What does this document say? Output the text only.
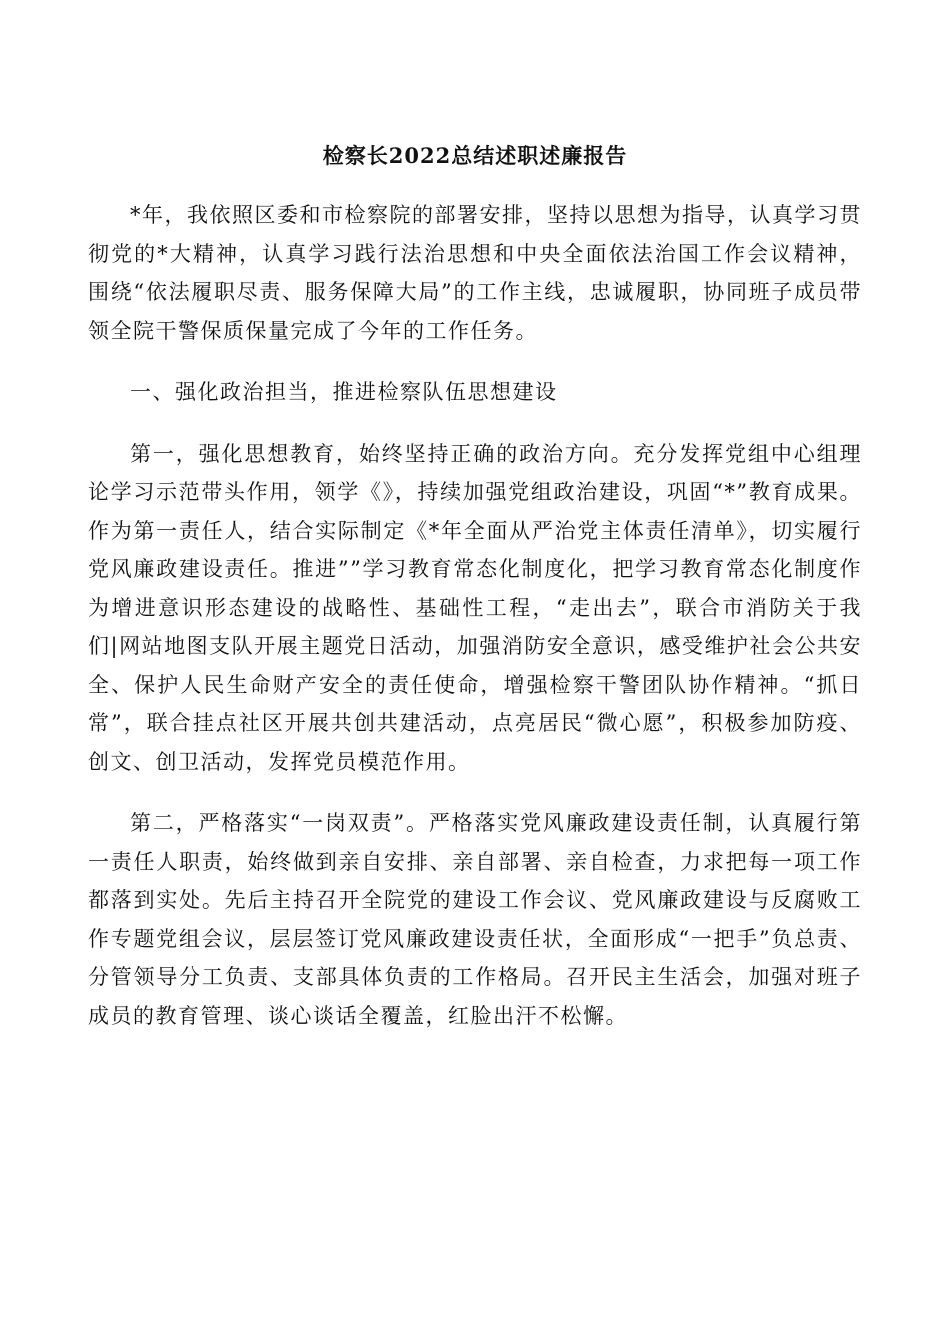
检察长2022总结述职述廉报告

*年，我依照区委和市检察院的部署安排，坚持以思想为指导，认真学习贯彻党的*大精神，认真学习践行法治思想和中央全面依法治国工作会议精神，围绕“依法履职尽责、服务保障大局”的工作主线，忠诚履职，协同班子成员带领全院干警保质保量完成了今年的工作任务。

一、强化政治担当，推进检察队伍思想建设

第一，强化思想教育，始终坚持正确的政治方向。充分发挥党组中心组理论学习示范带头作用，领学《》，持续加强党组政治建设，巩固“*”教育成果。作为第一责任人，结合实际制定《*年全面从严治党主体责任清单》，切实履行党风廉政建设责任。推进””学习教育常态化制度化，把学习教育常态化制度作为增进意识形态建设的战略性、基础性工程，“走出去”，联合市消防关于我们|网站地图支队开展主题党日活动，加强消防安全意识，感受维护社会公共安全、保护人民生命财产安全的责任使命，增强检察干警团队协作精神。“抓日常”，联合挂点社区开展共创共建活动，点亮居民“微心愿”，积极参加防疫、创文、创卫活动，发挥党员模范作用。

第二，严格落实“一岗双责”。严格落实党风廉政建设责任制，认真履行第一责任人职责，始终做到亲自安排、亲自部署、亲自检查，力求把每一项工作都落到实处。先后主持召开全院党的建设工作会议、党风廉政建设与反腐败工作专题党组会议，层层签订党风廉政建设责任状，全面形成“一把手”负总责、分管领导分工负责、支部具体负责的工作格局。召开民主生活会，加强对班子成员的教育管理、谈心谈话全覆盖，红脸出汗不松懈。
